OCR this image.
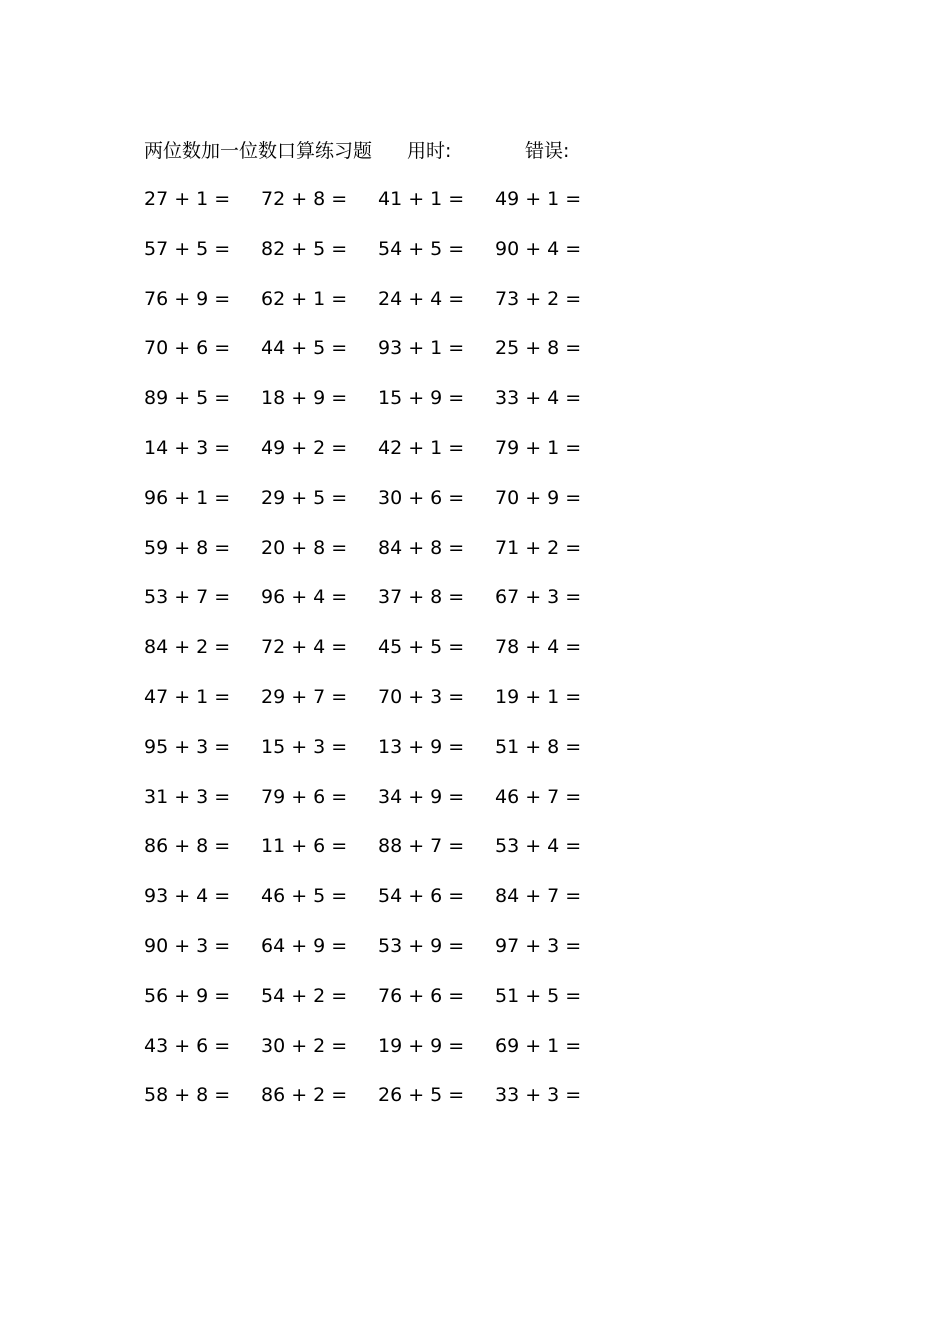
两位数加一位数口算练习题 用时:	错误:
27 + 1 = 72 + 8 = 41 + 1 = 49 + 1 =
57 + 5 = 82 + 5 = 54 + 5 = 90 + 4 =
76 + 9 = 62 + 1 = 24 + 4 = 73 + 2 =
70 + 6 = 44 + 5 = 93 + 1 = 25 + 8 =
89 + 5 = 18 + 9 = 15 + 9 = 33 + 4 =
14 + 3 = 49 + 2 = 42 + 1 = 79 + 1 =
96 + 1 = 29 + 5 = 30 + 6 = 70 + 9 =
59 + 8 = 20 + 8 = 84 + 8 = 71 + 2 =
53 + 7 = 96 + 4 = 37 + 8 = 67 + 3 =
84 + 2 = 72 + 4 = 45 + 5 = 78 + 4 =
47 + 1 = 29 + 7 = 70 + 3 = 19 + 1 =
95 + 3 = 15 + 3 = 13 + 9 = 51 + 8 =
31 + 3 = 79 + 6 = 34 + 9 = 46 + 7 =
86 + 8 = 11 + 6 = 88 + 7 = 53 + 4 =
93 + 4 = 46 + 5 = 54 + 6 = 84 + 7 =
90 + 3 = 64 + 9 = 53 + 9 = 97 + 3 =
56 + 9 = 54 + 2 = 76 + 6 = 51 + 5 =
43 + 6 = 30 + 2 = 19 + 9 = 69 + 1 =
58 + 8 = 86 + 2 = 26 + 5 = 33 + 3 =
